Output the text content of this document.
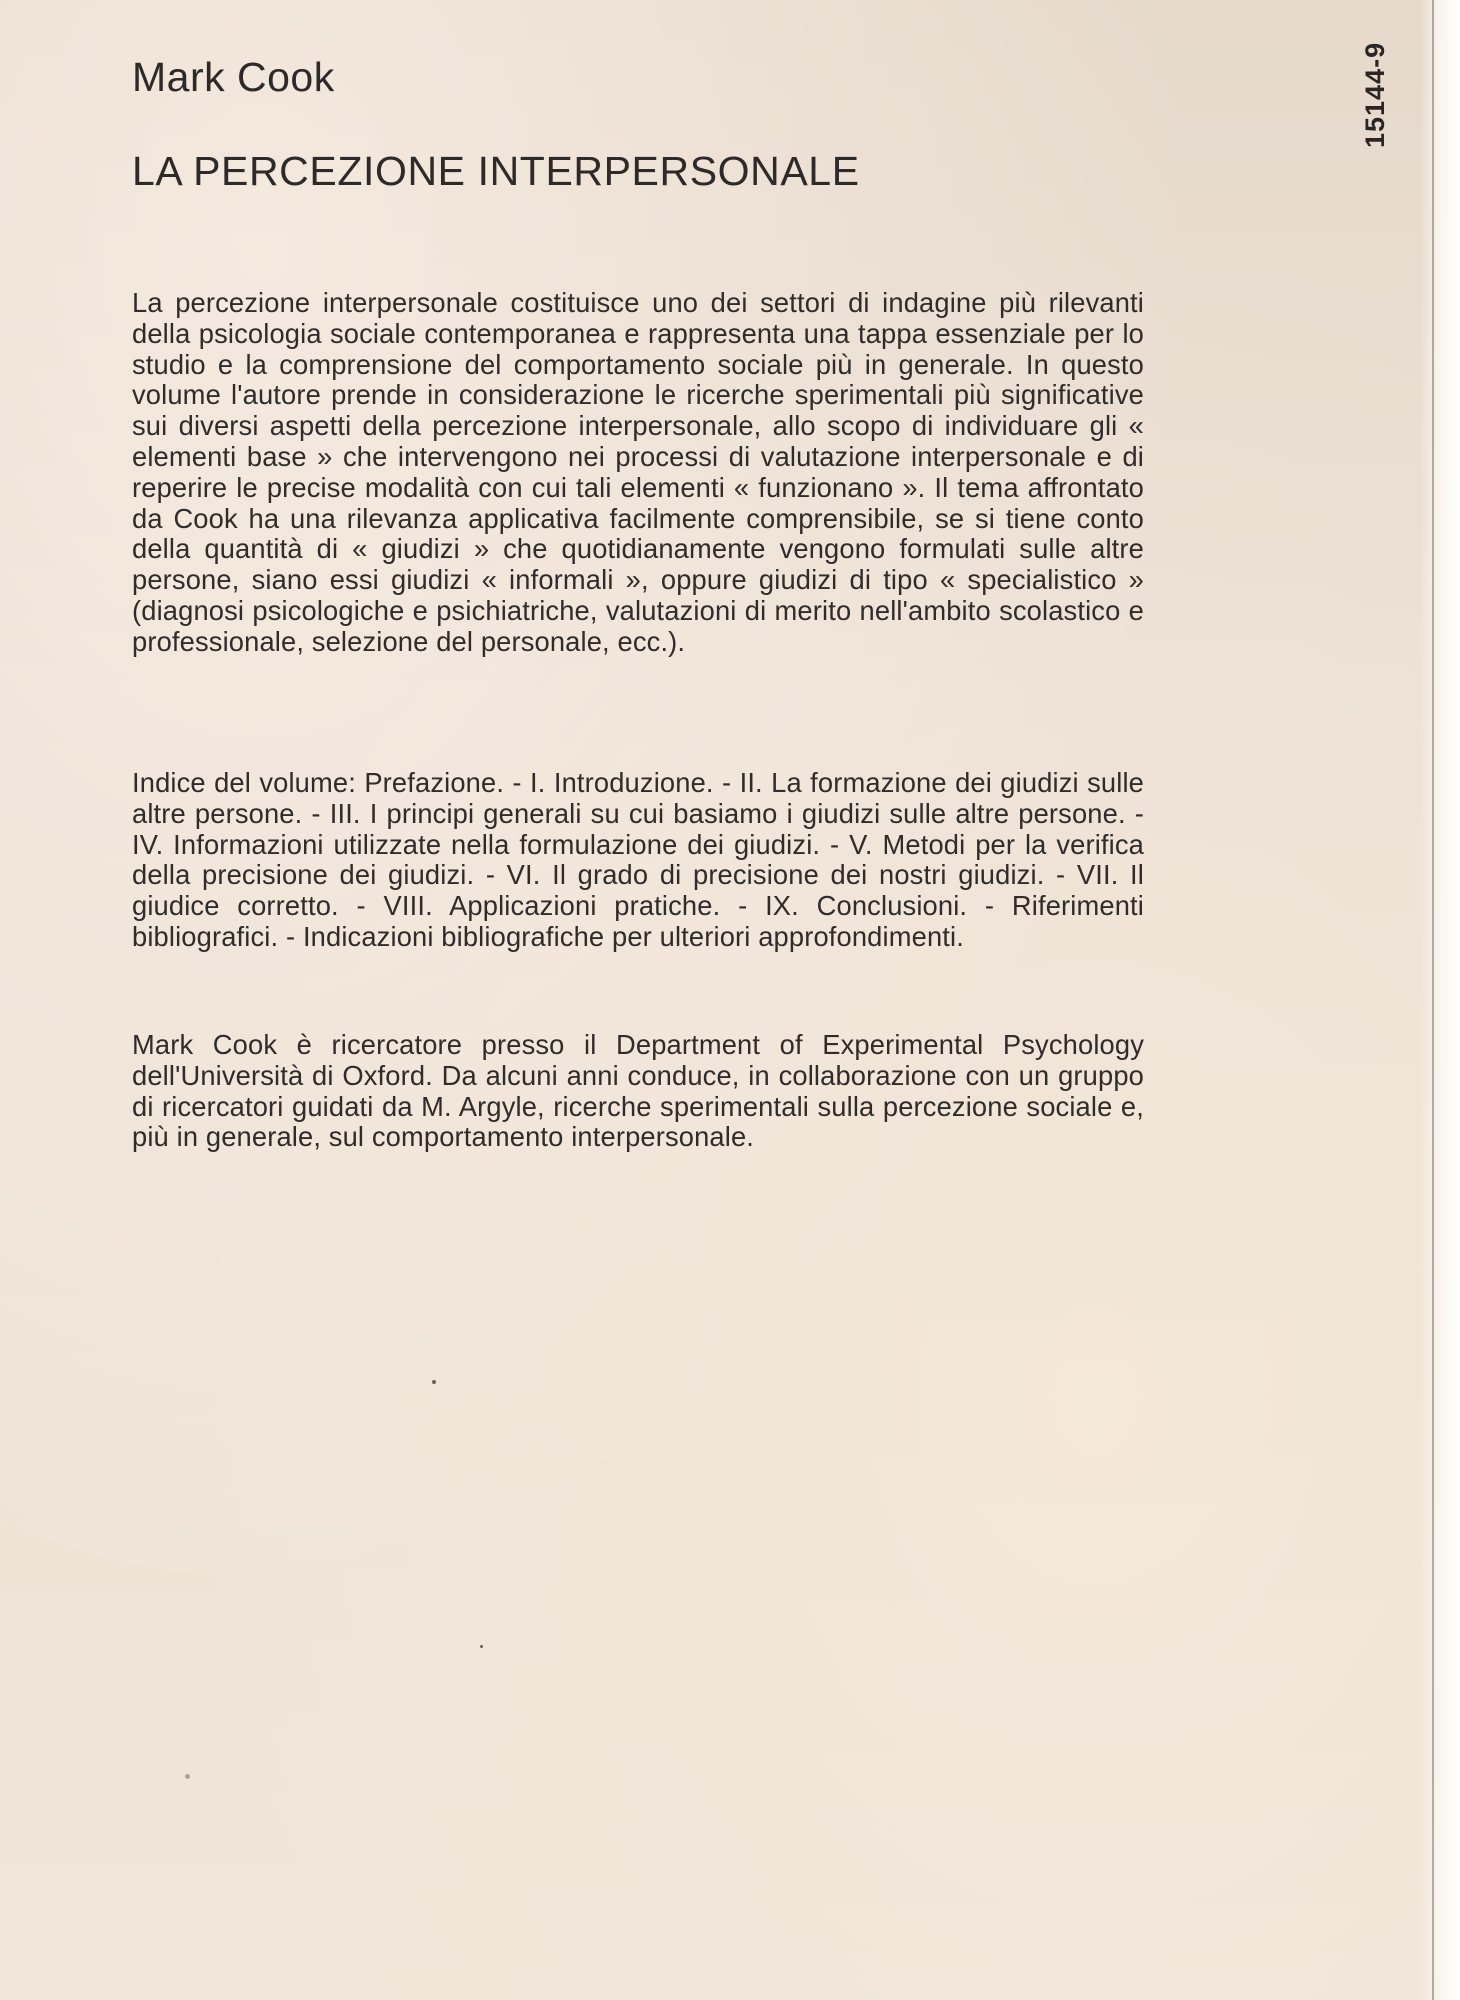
Mark Cook
LA PERCEZIONE INTERPERSONALE
15144-9
La percezione interpersonale costituisce uno dei settori di indagine più rilevanti della psicologia sociale contemporanea e rappresenta una tappa essenziale per lo studio e la comprensione del comportamento sociale più in generale. In questo volume l'autore prende in considerazione le ricerche sperimentali più significative sui diversi aspetti della percezione interpersonale, allo scopo di individuare gli « elementi base » che intervengono nei processi di valutazione interpersonale e di reperire le precise modalità con cui tali elementi « funzionano ». Il tema affrontato da Cook ha una rilevanza applicativa facilmente comprensibile, se si tiene conto della quantità di « giudizi » che quotidianamente vengono formulati sulle altre persone, siano essi giudizi « informali », oppure giudizi di tipo « specialistico » (diagnosi psicologiche e psichiatriche, valutazioni di merito nell'ambito scolastico e professionale, selezione del personale, ecc.).
Indice del volume: Prefazione. - I. Introduzione. - II. La formazione dei giudizi sulle altre persone. - III. I principi generali su cui basiamo i giudizi sulle altre persone. - IV. Informazioni utilizzate nella formulazione dei giudizi. - V. Metodi per la verifica della precisione dei giudizi. - VI. Il grado di precisione dei nostri giudizi. - VII. Il giudice corretto. - VIII. Applicazioni pratiche. - IX. Conclusioni. - Riferimenti bibliografici. - Indicazioni bibliografiche per ulteriori approfondimenti.
Mark Cook è ricercatore presso il Department of Experimental Psychology dell'Università di Oxford. Da alcuni anni conduce, in collaborazione con un gruppo di ricercatori guidati da M. Argyle, ricerche sperimentali sulla percezione sociale e, più in generale, sul comportamento interpersonale.
